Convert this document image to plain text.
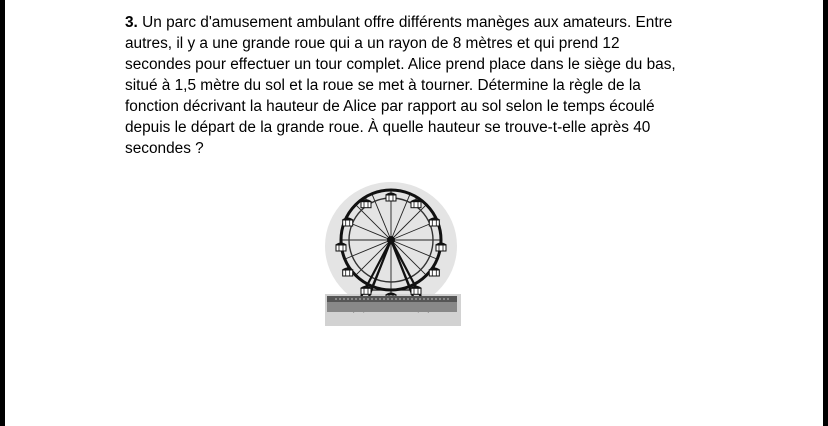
3. Un parc d'amusement ambulant offre différents manèges aux amateurs. Entre
autres, il y a une grande roue qui a un rayon de 8 mètres et qui prend 12
secondes pour effectuer un tour complet. Alice prend place dans le siège du bas,
situé à 1,5 mètre du sol et la roue se met à tourner. Détermine la règle de la
fonction décrivant la hauteur de Alice par rapport au sol selon le temps écoulé
depuis le départ de la grande roue. À quelle hauteur se trouve-t-elle après 40
secondes ?
